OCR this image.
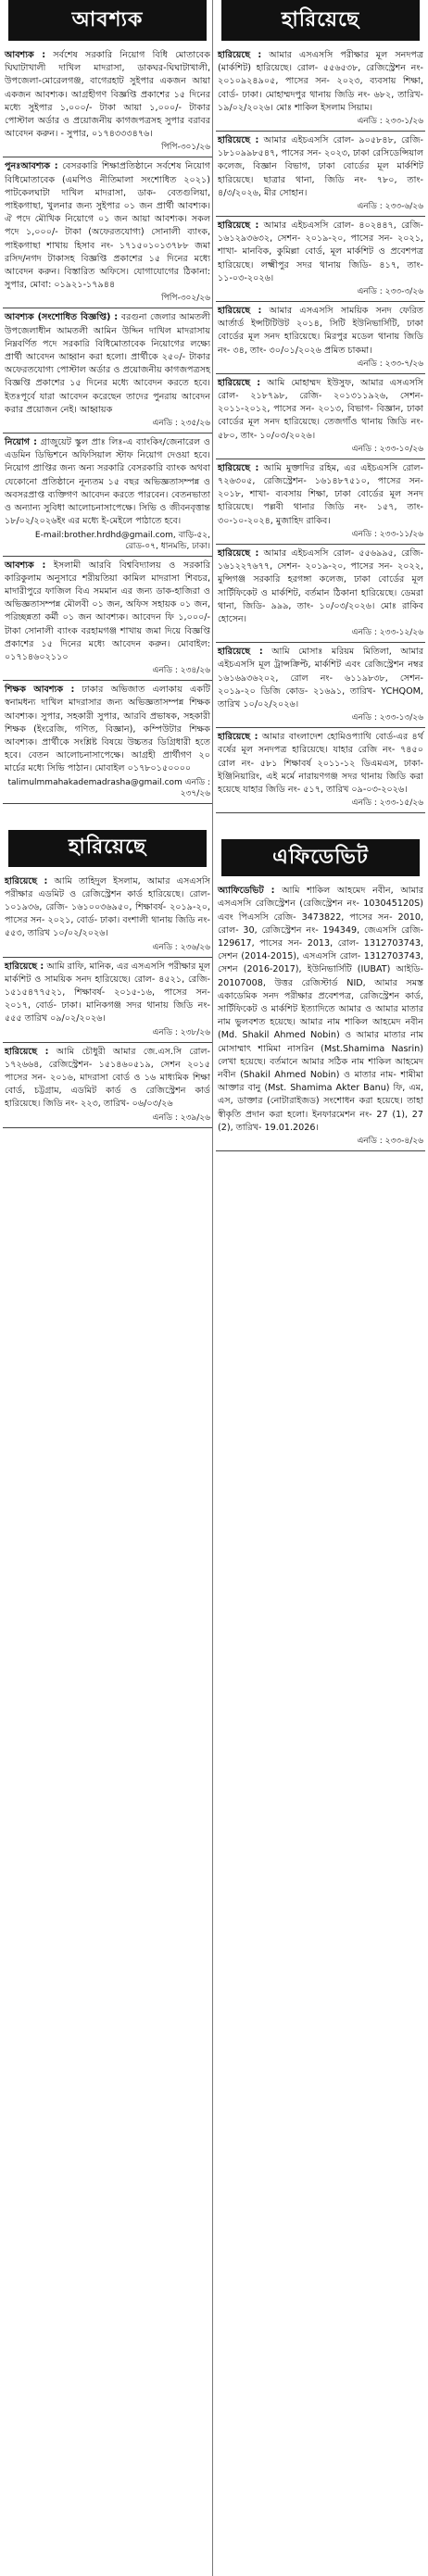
আবশ্যক
আবশ্যক : সর্বশেষ সরকারি নিয়োগ বিধি মোতাবেক ঘিঘাটাখালী দাখিল মাদরাসা, ডাকঘর-ঘিঘাটাখালী, উপজেলা-মোরেলগঞ্জ, বাগেরহাট সুইপার একজন আয়া একজন আবশ্যক। আগ্রহীগণ বিজ্ঞপ্তি প্রকাশের ১৫ দিনের মধ্যে সুইপার ১,০০০/- টাকা আয়া ১,০০০/- টাকার পোস্টাল অর্ডার ও প্রয়োজনীয় কাগজপত্রসহ সুপার বরাবর আবেদন করুন। - সুপার, ০১৭৪৩৩৩৪৭৬।
পিপি-৩০১/২৬
পুনঃআবশ্যক : বেসরকারি শিক্ষাপ্রতিষ্ঠানে সর্বশেষ নিয়োগ বিধিমোতাবেক (এমপিও নীতিমালা সংশোধিত ২০২১) পাটকেলঘাটা দাখিল মাদরাসা, ডাক- বেতগুলিয়া, পাইকগাছা, খুলনার জন্য সুইপার ০১ জন প্রার্থী আবশ্যক। ঐ পদে মৌখিক নিয়োগে ০১ জন আয়া আবশ্যক। সকল পদে ১,০০০/- টাকা (অফেরতযোগ্য) সোনালী ব্যাংক, পাইকগাছা শাখায় হিসাব নং- ১৭১৫০১০১৩৭৮৮ জমা রসিদ/নগদ টাকাসহ বিজ্ঞপ্তি প্রকাশের ১৫ দিনের মধ্যে আবেদন করুন। বিস্তারিত অফিসে। যোগাযোগের ঠিকানা: সুপার, মোবা: ০১৯২১-১৭৯৪৪
পিপি-৩০২/২৬
আবশ্যক (সংশোধিত বিজ্ঞপ্তি) : বরগুনা জেলার আমতলী উপজেলাধীন আমতলী আমিন উদ্দিন দাখিল মাদরাসায় নিম্নবর্ণিত পদে সরকারি বিধিমোতাবেক নিয়োগের লক্ষ্যে প্রার্থী আবেদন আহ্বান করা হলো। প্রার্থীকে ২৫০/- টাকার অফেরতযোগ্য পোস্টাল অর্ডার ও প্রয়োজনীয় কাগজপত্রসহ বিজ্ঞপ্তি প্রকাশের ১৫ দিনের মধ্যে আবেদন করতে হবে। ইতঃপূর্বে যারা আবেদন করেছেন তাদের পুনরায় আবেদন করার প্রয়োজন নেই। আহ্বায়ক
এনডি : ২৩৫/২৬
নিয়োগ : গ্রাজুয়েট স্কুল প্রাঃ লিঃ-এ ব্যাংকিং/জেনারেল ও এডমিন ডিভিশনে অফিসিয়াল স্টাফ নিয়োগ দেওয়া হবে। নিয়োগ প্রাপ্তির জন্য অন্য সরকারি বেসরকারি ব্যাংক অথবা যেকোনো প্রতিষ্ঠানে নূন্যতম ১৫ বছর অভিজ্ঞতাসম্পন্ন ও অবসরপ্রাপ্ত ব্যক্তিগণ আবেদন করতে পারবেন। বেতনভাতা ও অন্যান্য সুবিধা আলোচনাসাপেক্ষে। সিভি ও জীবনবৃত্তান্ত ১৮/০২/২০২৬ইং এর মধ্যে ই-মেইলে পাঠাতে হবে।
E-mail:brother.hrdhd@gmail.com, বাড়ি-৫২, রোড-০৭, ধানমন্ডি, ঢাকা।
আবশ্যক : ইসলামী আরবি বিশ্ববিদ্যালয় ও সরকারি কারিকুলাম অনুসারে শরীয়তিয়া কামিল মাদরাসা শিবচর, মাদারীপুরে ফাজিল বিএ সমমান এর জন্য ডাক-হাজিরা ও অভিজ্ঞতাসম্পন্ন মৌলবী ০১ জন, অফিস সহায়ক ০১ জন, পরিচ্ছন্নতা কর্মী ০১ জন আবশ্যক। আবেদন ফি ১,০০০/- টাকা সোনালী ব্যাংক বরহামগঞ্জ শাখায় জমা দিয়ে বিজ্ঞপ্তি প্রকাশের ১৫ দিনের মধ্যে আবেদন করুন। মোবাইল: ০১৭১৪৬০২১১০
এনডি : ২৩৪/২৬
শিক্ষক আবশ্যক : ঢাকার অভিজাত এলাকায় একটি স্বনামধন্য দাখিল মাদরাসার জন্য অভিজ্ঞতাসম্পন্ন শিক্ষক আবশ্যক। সুপার, সহকারী সুপার, আরবি প্রভাষক, সহকারী শিক্ষক (ইংরেজি, গণিত, বিজ্ঞান), কম্পিউটার শিক্ষক আবশ্যক। প্রার্থীকে সংশ্লিষ্ট বিষয়ে উচ্চতর ডিগ্রিধারী হতে হবে। বেতন আলোচনাসাপেক্ষে। আগ্রহী প্রার্থীগণ ২০ মার্চের মধ্যে সিভি পাঠান। মোবাইল ০১৭৮০১৫০০০০
talimulmmahakademadrasha@gmail.com এনডি : ২৩৭/২৬
হারিয়েছে
হারিয়েছে : আমি তাহিদুল ইসলাম, আমার এসএসসি পরীক্ষার এডমিট ও রেজিস্ট্রেশন কার্ড হারিয়েছে। রোল- ১০১৯৩৬, রেজি- ১৬১০০৩৬৯৫০, শিক্ষাবর্ষ- ২০১৯-২০, পাসের সন- ২০২১, বোর্ড- ঢাকা। বংশালী থানায় জিডি নং- ৫৫৩, তারিখ ১০/০২/২০২৬।
এনডি : ২৩৬/২৬
হারিয়েছে : আমি রাফি, মানিক, এর এসএসসি পরীক্ষার মূল মার্কশিট ও সাময়িক সনদ হারিয়েছে। রোল- ৪৫২১, রেজি- ১৫১৫৪৭৭৫২১, শিক্ষাবর্ষ- ২০১৫-১৬, পাসের সন- ২০১৭, বোর্ড- ঢাকা। মানিকগঞ্জ সদর থানায় জিডি নং- ৫৫৫ তারিখ ০৯/০২/২০২৬।
এনডি : ২৩৮/২৬
হারিয়েছে : আমি চৌধুরী আমার জে.এস.সি রোল- ১৭২৬৬৪, রেজিস্ট্রেশন- ১৫১৪৬০৫১৯, সেশন ২০১৫ পাসের সন- ২০১৬, মাদরাসা বোর্ড ও ১৬ মাধ্যমিক শিক্ষা বোর্ড, চট্টগ্রাম, এডমিট কার্ড ও রেজিস্ট্রেশন কার্ড হারিয়েছে। জিডি নং- ২২৩, তারিখ- ০৬/০৩/২৬
এনডি : ২৩৯/২৬
হারিয়েছে
হারিয়েছে : আমার এসএসসি পরীক্ষার মূল সনদপত্র (মার্কশিট) হারিয়েছে। রোল- ৫৫৬৫৩৮, রেজিস্ট্রেশন নং- ২০১০৯২৪৯০৫, পাসের সন- ২০২৩, ব্যবসায় শিক্ষা, বোর্ড- ঢাকা। মোহাম্মদপুর থানায় জিডি নং- ৬৮২, তারিখ- ১৯/০২/২০২৬। মোঃ শাকিল ইসলাম সিয়াম।
এনডি : ২৩৩-১/২৬
হারিয়েছে : আমার এইচএসসি রোল- ৯০৫৮৪৮, রেজি- ১৮১০৯৯৮৫৪৭, পাসের সন- ২০২৩, ঢাকা রেসিডেন্সিয়াল কলেজ, বিজ্ঞান বিভাগ, ঢাকা বোর্ডের মূল মার্কশিট হারিয়েছে। ছাত্রার থানা, জিডি নং- ৭৮০, তাং- ৪/৩/২০২৬, মীর সোহান।
এনডি : ২৩৩-৬/২৬
হারিয়েছে : আমার এইচএসসি রোল- ৪০২৪৪৭, রেজি- ১৬১২৯৩৬৩২, সেশন- ২০১৯-২০, পাসের সন- ২০২১, শাখা- মানবিক, কুমিল্লা বোর্ড, মূল মার্কশিট ও প্রবেশপত্র হারিয়েছে। লক্ষ্মীপুর সদর থানায় জিডি- ৪১৭, তাং- ১১-০৩-২০২৬।
এনডি : ২৩৩-৩/২৬
হারিয়েছে : আমার এসএসসি সাময়িক সনদ ফেরিত আর্তার্ড ইন্সটিটিউট ২০১৪, সিটি ইউনিভার্সিটি, ঢাকা বোর্ডের মূল সনদ হারিয়েছে। মিরপুর মডেল থানায় জিডি নং- ৩৪, তাং- ৩০/০১/২০২৬ প্রমিত চাকমা।
এনডি : ২৩৩-৭/২৬
হারিয়েছে : আমি মোহাম্মদ ইউসুফ, আমার এসএসসি রোল- ২১৮৭৯৮, রেজি- ২০১৩১১৯২৬, সেশন- ২০১১-২০১২, পাসের সন- ২০১৩, বিভাগ- বিজ্ঞান, ঢাকা বোর্ডের মূল সনদ হারিয়েছে। তেজগাঁও থানায় জিডি নং- ৫৮০, তাং- ১০/০৩/২০২৬।
এনডি : ২৩৩-১০/২৬
হারিয়েছে : আমি মুক্তাদির রহিম, এর এইচএসসি রোল- ৭২৬৩০৫, রেজিস্ট্রেশন- ১৬১৪৮৭৫১০, পাসের সন- ২০১৮, শাখা- ব্যবসায় শিক্ষা, ঢাকা বোর্ডের মূল সনদ হারিয়েছে। পল্লবী থানার জিডি নং- ১৫৭, তাং- ৩০-১০-২০২৪, মুজাহিদ রাকিব।
এনডি : ২৩৩-১১/২৬
হারিয়েছে : আমার এইচএসসি রোল- ৫৫৬৯৯৫, রেজি- ১৬১২২৭৬৭৭, সেশন- ২০১৯-২০, পাসের সন- ২০২২, মুন্সিগঞ্জ সরকারি হরগঙ্গা কলেজ, ঢাকা বোর্ডের মূল সার্টিফিকেট ও মার্কশিট, বর্তমান ঠিকানা হারিয়েছে। ডেমরা থানা, জিডি- ৯৯৯, তাং- ১০/০৩/২০২৬। মোঃ রাকিব হোসেন।
এনডি : ২৩৩-১২/২৬
হারিয়েছে : আমি মোসাঃ মরিয়ম মিতিলা, আমার এইচএসসি মূল ট্রান্সক্রিপ্ট, মার্কশিট এবং রেজিস্ট্রেশন নম্বর ১৬১৬৯৩৬২০২, রোল নং- ৬১১৯৮৩৮, সেশন- ২০১৯-২০ ডিজি কোড- ২১৬৯১, তারিখ- YCHQOM, তারিখ ১০/০২/২০২৬।
এনডি : ২৩৩-১৩/২৬
হারিয়েছে : আমার বাংলাদেশ হোমিওপ্যাথি বোর্ড-এর ৪র্থ বর্ষের মূল সনদপত্র হারিয়েছে। যাহার রেজি নং- ৭৪৫০ রোল নং- ৫৮১ শিক্ষাবর্ষ ২০১১-১২ ডিএমএস, ঢাকা-ইঞ্জিনিয়ারিং, এই মর্মে নারায়ণগঞ্জ সদর থানায় জিডি করা হয়েছে যাহার জিডি নং- ৫১৭, তারিখ ০৯-০৩-২০২৬।
এনডি : ২৩৩-১৫/২৬
এফিডেভিট
অ্যাফিডেভিট : আমি শাকিল আহমেদ নবীন, আমার এসএসসি রেজিস্ট্রেশন (রেজিস্ট্রেশন নং- 103045120S) এবং পিএসসি রেজি- 3473822, পাসের সন- 2010, রোল- 30, রেজিস্ট্রেশন নং- 194349, জেএসসি রেজি- 129617, পাসের সন- 2013, রোল- 1312703743, সেশন (2014-2015), এসএসসি রোল- 1312703743, সেশন (2016-2017), ইউনিভার্সিটি (IUBAT) আইডি- 20107008, উত্তর রেজিস্টার্ড NID, আমার সমস্ত একাডেমিক সনদ পরীক্ষার প্রবেশপত্র, রেজিস্ট্রেশন কার্ড, সার্টিফিকেট ও মার্কশিট ইত্যাদিতে আমার ও আমার মাতার নাম ভুলবশত হয়েছে। আমার নাম শাকিল আহমেদ নবীন (Md. Shakil Ahmed Nobin) ও আমার মাতার নাম মোসাম্মাৎ শামিমা নাসরিন (Mst.Shamima Nasrin) লেখা হয়েছে। বর্তমানে আমার সঠিক নাম শাকিল আহমেদ নবীন (Shakil Ahmed Nobin) ও মাতার নাম- শামীমা আক্তার বানু (Mst. Shamima Akter Banu) ফি, এম, এস, ডাক্তার (নোটারাইজড) সংশোধন করা হয়েছে। তাহা স্বীকৃতি প্রদান করা হলো। ইনফারমেশন নং- 27 (1), 27 (2), তারিখ- 19.01.2026।
এনডি : ২৩৩-৪/২৬
